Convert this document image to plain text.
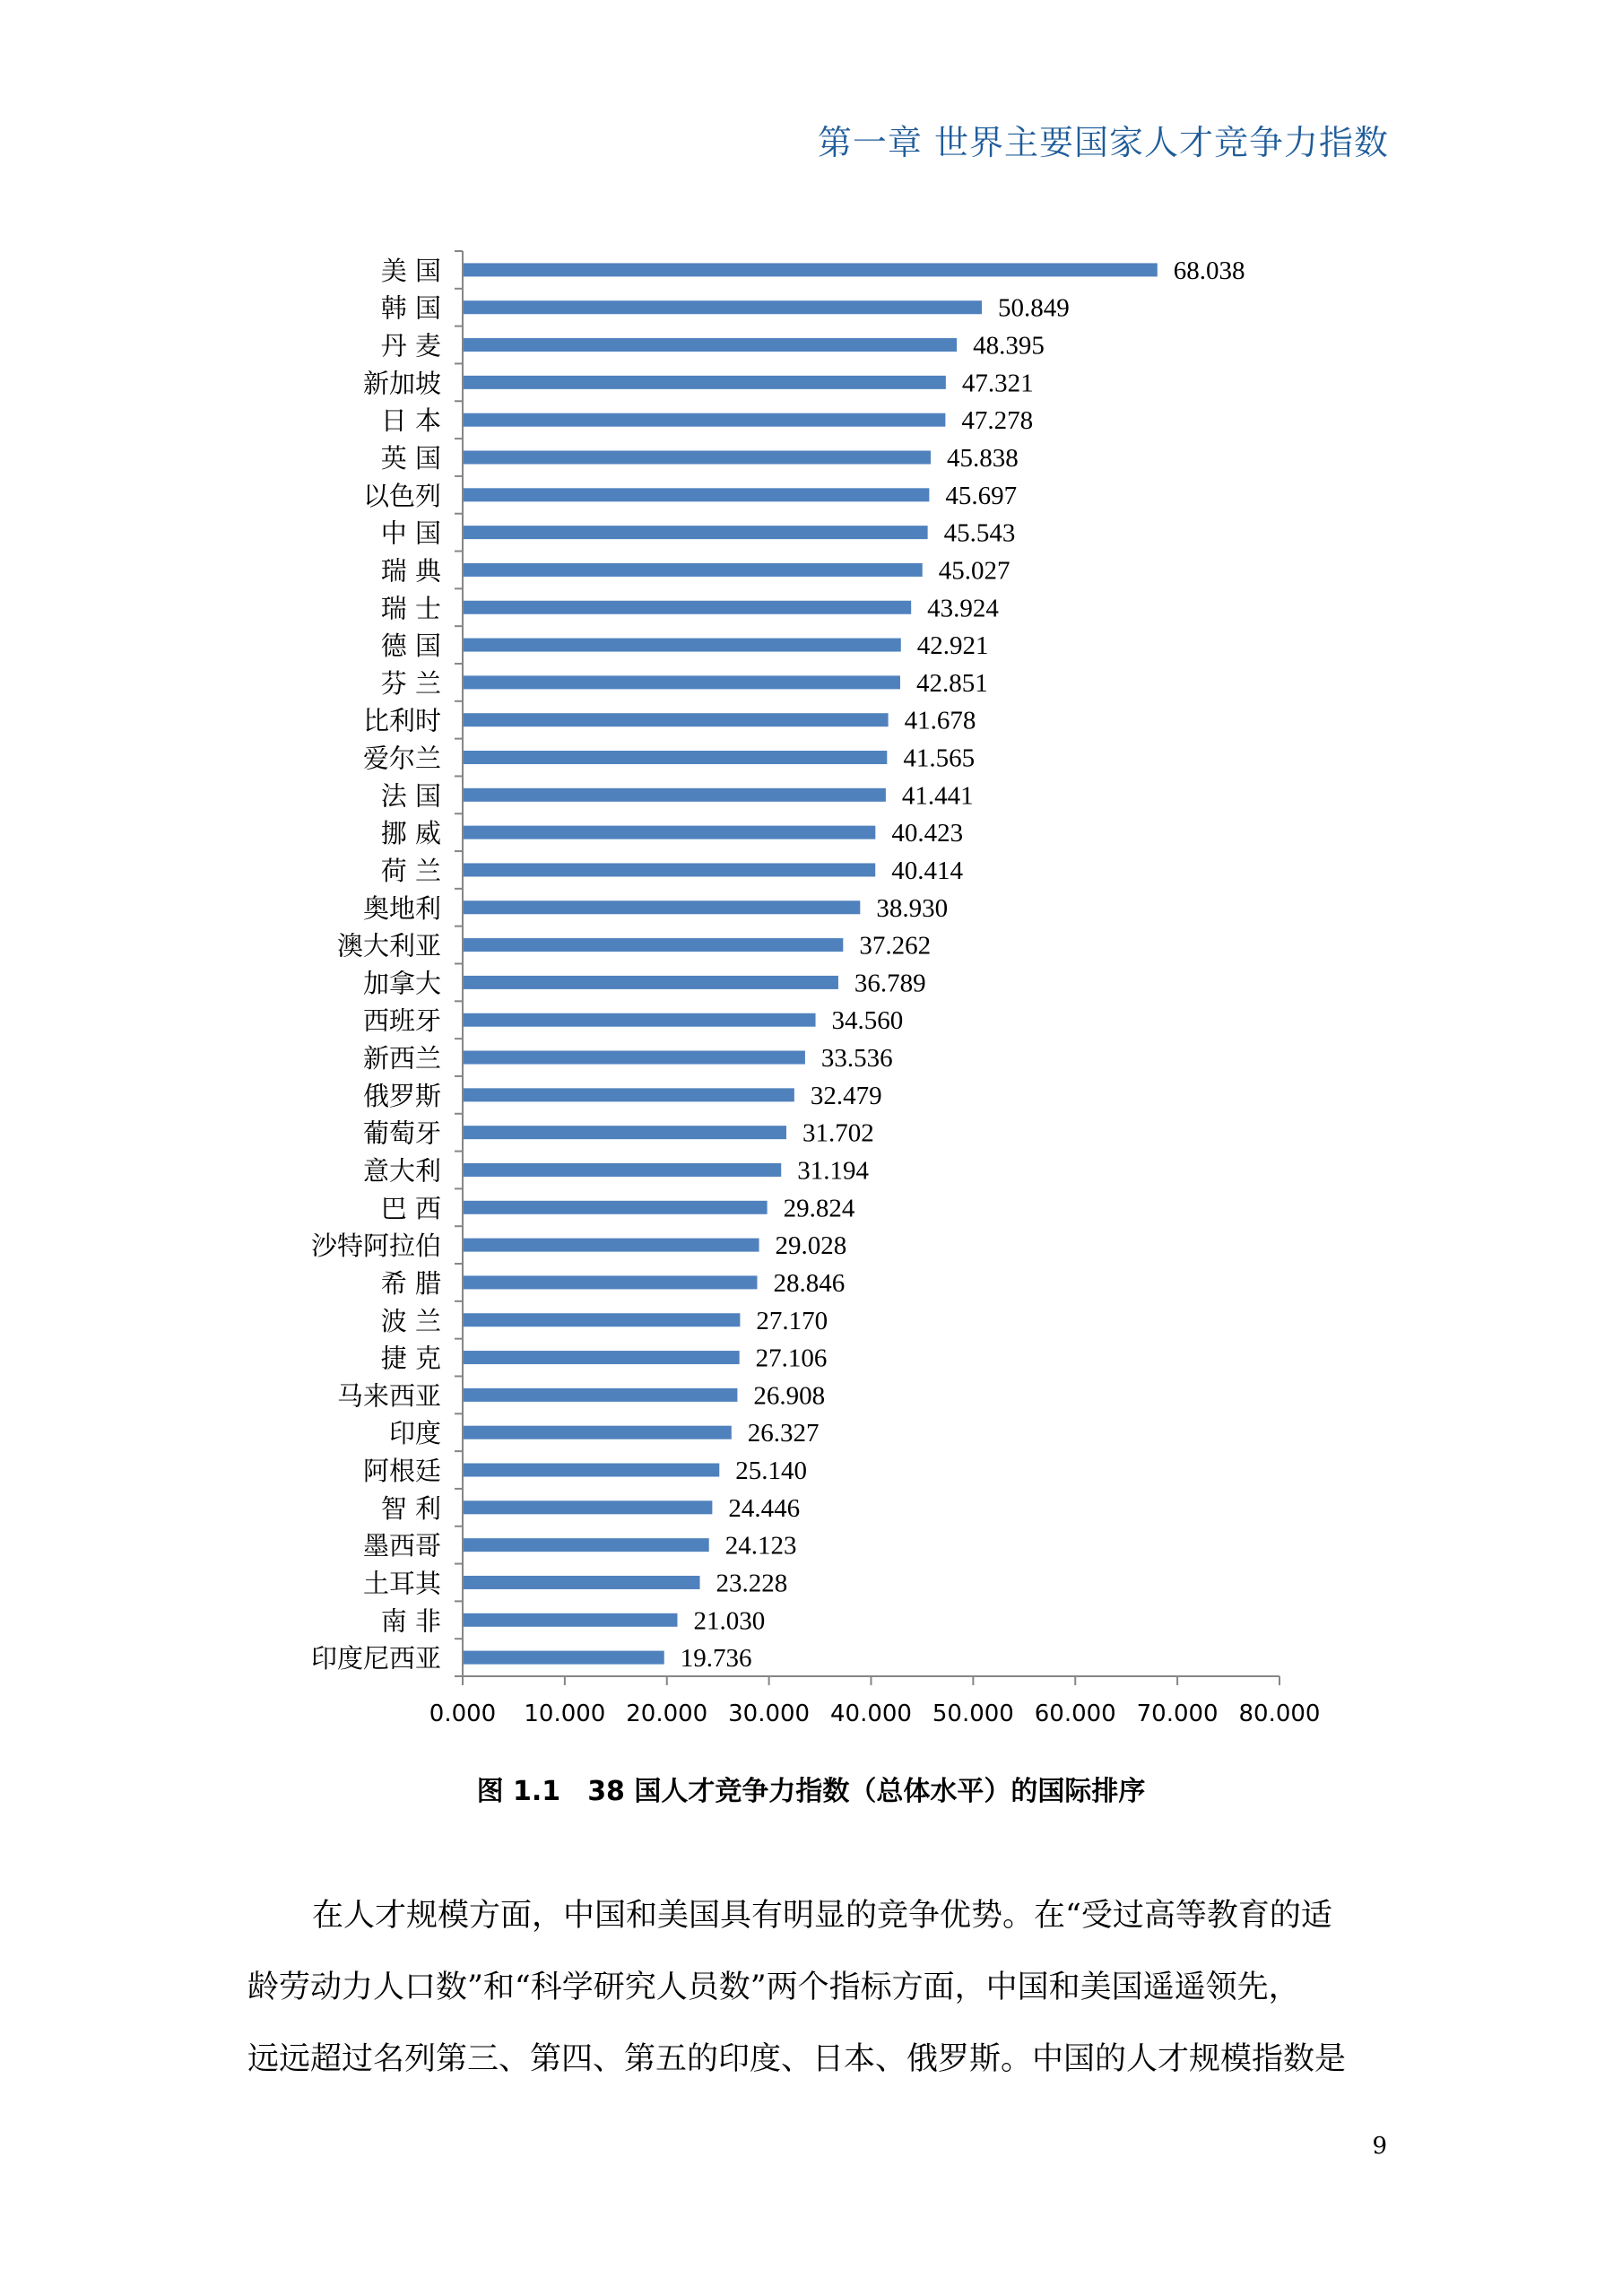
第一章 世界主要国家人才竞争力指数
0.000 10.000 20.000 30.000 40.000 50.000 60.000 70.000 80.000
美 国	68.038
韩 国	50.849
丹 麦	48.395
新加坡	47.321
日 本	47.278
英 国	45.838
以色列	45.697
中 国	45.543
瑞 典	45.027
瑞 士	43.924
德 国	42.921
芬 兰	42.851
比利时	41.678
爱尔兰	41.565
法 国	41.441
挪 威	40.423
荷 兰	40.414
奥地利	38.930
澳大利亚	37.262
加拿大	36.789
西班牙	34.560
新西兰	33.536
俄罗斯	32.479
葡萄牙	31.702
意大利	31.194
巴 西	29.824
沙特阿拉伯	29.028
希 腊	28.846
波 兰	27.170
捷 克	27.106
马来西亚	26.908
印度	26.327
阿根廷	25.140
智 利	24.446
墨西哥	24.123
土耳其	23.228
南 非	21.030
印度尼西亚	19.736
图 1.1 38 国人才竞争力指数（总体水平）的国际排序
在人才规模方面，中国和美国具有明显的竞争优势。在“受过高等教育的适
龄劳动力人口数”和“科学研究人员数”两个指标方面，中国和美国遥遥领先，
远远超过名列第三、第四、第五的印度、日本、俄罗斯。中国的人才规模指数是
9
